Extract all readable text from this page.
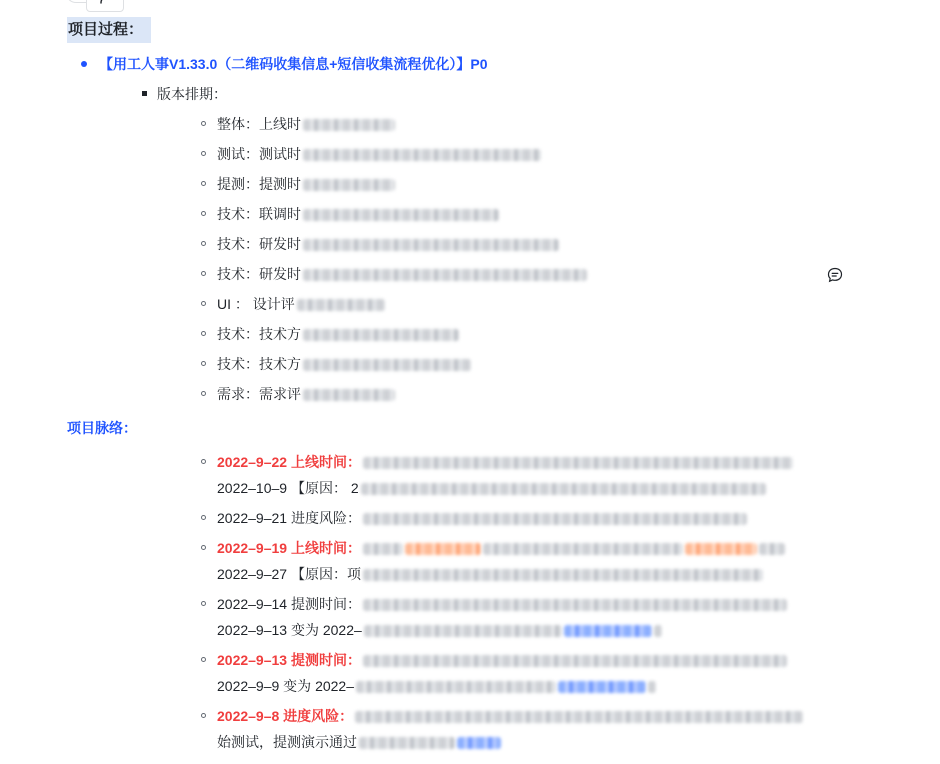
项目过程：
【用工人事V1.33.0（二维码收集信息+短信收集流程优化）】P0
版本排期：
整体：上线时
测试：测试时
提测：提测时
技术：联调时
技术：研发时
技术：研发时
UI ： 设计评
技术：技术方
技术：技术方
需求：需求评
项目脉络：
2022–9–22 上线时间：
2022–10–9 【原因： 2
2022–9–21 进度风险：
2022–9–19 上线时间：
2022–9–27 【原因：项
2022–9–14 提测时间：
2022–9–13 变为 2022–
2022–9–13 提测时间：
2022–9–9 变为 2022–
2022–9–8 进度风险：
始测试，提测演示通过
